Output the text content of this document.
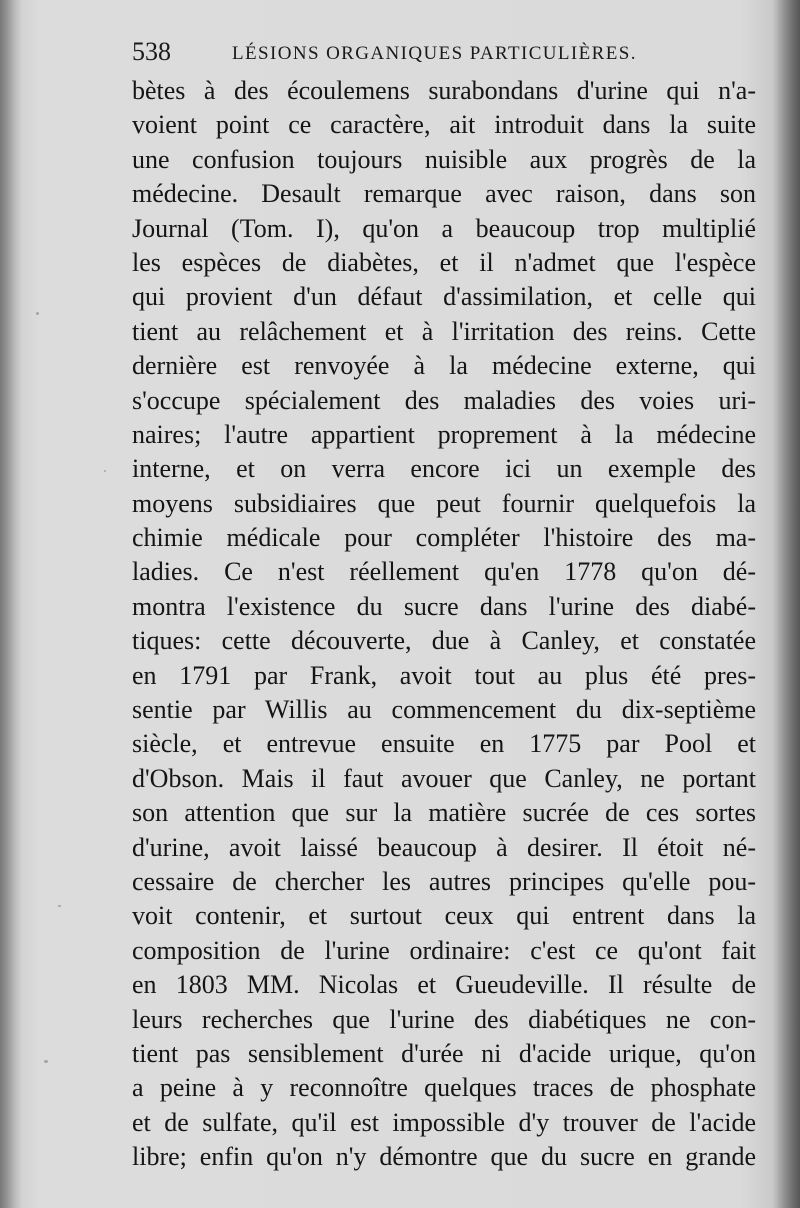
538	LÉSIONS ORGANIQUES PARTICULIÈRES.
bètes à des écoulemens surabondans d'urine qui n'a-
voient point ce caractère, ait introduit dans la suite
une confusion toujours nuisible aux progrès de la
médecine. Desault remarque avec raison, dans son
Journal (Tom. I), qu'on a beaucoup trop multiplié
les espèces de diabètes, et il n'admet que l'espèce
qui provient d'un défaut d'assimilation, et celle qui
tient au relâchement et à l'irritation des reins. Cette
dernière est renvoyée à la médecine externe, qui
s'occupe spécialement des maladies des voies uri-
naires; l'autre appartient proprement à la médecine
interne, et on verra encore ici un exemple des
moyens subsidiaires que peut fournir quelquefois la
chimie médicale pour compléter l'histoire des ma-
ladies. Ce n'est réellement qu'en 1778 qu'on dé-
montra l'existence du sucre dans l'urine des diabé-
tiques: cette découverte, due à Canley, et constatée
en 1791 par Frank, avoit tout au plus été pres-
sentie par Willis au commencement du dix-septième
siècle, et entrevue ensuite en 1775 par Pool et
d'Obson. Mais il faut avouer que Canley, ne portant
son attention que sur la matière sucrée de ces sortes
d'urine, avoit laissé beaucoup à desirer. Il étoit né-
cessaire de chercher les autres principes qu'elle pou-
voit contenir, et surtout ceux qui entrent dans la
composition de l'urine ordinaire: c'est ce qu'ont fait
en 1803 MM. Nicolas et Gueudeville. Il résulte de
leurs recherches que l'urine des diabétiques ne con-
tient pas sensiblement d'urée ni d'acide urique, qu'on
a peine à y reconnoître quelques traces de phosphate
et de sulfate, qu'il est impossible d'y trouver de l'acide
libre; enfin qu'on n'y démontre que du sucre en grande
